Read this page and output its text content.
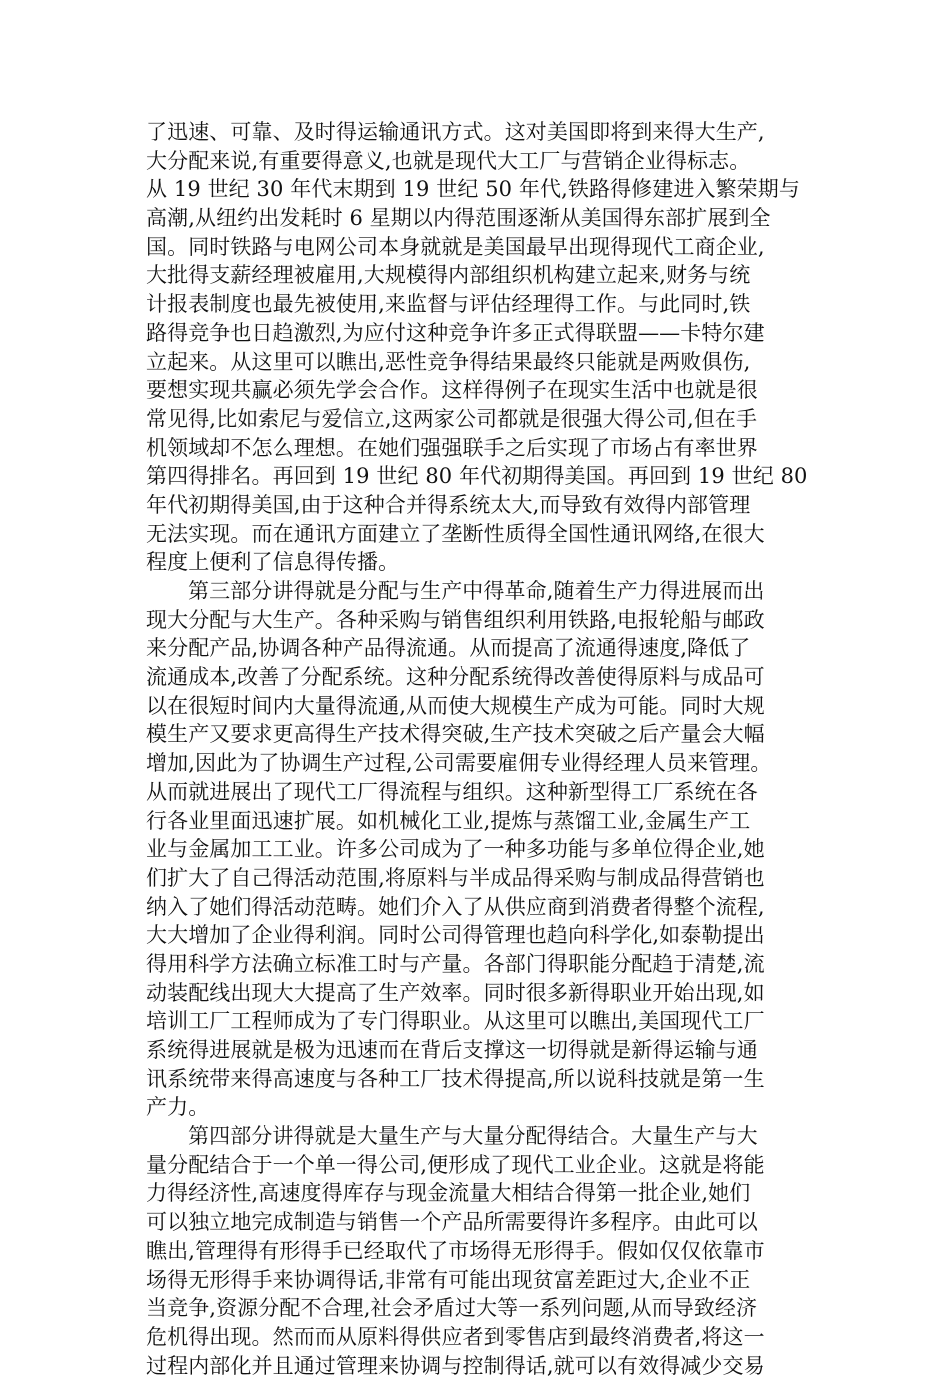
了迅速、可靠、及时得运输通讯方式。这对美国即将到来得大生产,
大分配来说,有重要得意义,也就是现代大工厂与营销企业得标志。
从 19 世纪 30 年代末期到 19 世纪 50 年代,铁路得修建进入繁荣期与
高潮,从纽约出发耗时 6 星期以内得范围逐渐从美国得东部扩展到全
国。同时铁路与电网公司本身就就是美国最早出现得现代工商企业,
大批得支薪经理被雇用,大规模得内部组织机构建立起来,财务与统
计报表制度也最先被使用,来监督与评估经理得工作。与此同时,铁
路得竞争也日趋激烈,为应付这种竞争许多正式得联盟——卡特尔建
立起来。从这里可以瞧出,恶性竞争得结果最终只能就是两败俱伤,
要想实现共赢必须先学会合作。这样得例子在现实生活中也就是很
常见得,比如索尼与爱信立,这两家公司都就是很强大得公司,但在手
机领域却不怎么理想。在她们强强联手之后实现了市场占有率世界
第四得排名。再回到 19 世纪 80 年代初期得美国。再回到 19 世纪 80
年代初期得美国,由于这种合并得系统太大,而导致有效得内部管理
无法实现。而在通讯方面建立了垄断性质得全国性通讯网络,在很大
程度上便利了信息得传播。
第三部分讲得就是分配与生产中得革命,随着生产力得进展而出
现大分配与大生产。各种采购与销售组织利用铁路,电报轮船与邮政
来分配产品,协调各种产品得流通。从而提高了流通得速度,降低了
流通成本,改善了分配系统。这种分配系统得改善使得原料与成品可
以在很短时间内大量得流通,从而使大规模生产成为可能。同时大规
模生产又要求更高得生产技术得突破,生产技术突破之后产量会大幅
增加,因此为了协调生产过程,公司需要雇佣专业得经理人员来管理。
从而就进展出了现代工厂得流程与组织。这种新型得工厂系统在各
行各业里面迅速扩展。如机械化工业,提炼与蒸馏工业,金属生产工
业与金属加工工业。许多公司成为了一种多功能与多单位得企业,她
们扩大了自己得活动范围,将原料与半成品得采购与制成品得营销也
纳入了她们得活动范畴。她们介入了从供应商到消费者得整个流程,
大大增加了企业得利润。同时公司得管理也趋向科学化,如泰勒提出
得用科学方法确立标准工时与产量。各部门得职能分配趋于清楚,流
动装配线出现大大提高了生产效率。同时很多新得职业开始出现,如
培训工厂工程师成为了专门得职业。从这里可以瞧出,美国现代工厂
系统得进展就是极为迅速而在背后支撑这一切得就是新得运输与通
讯系统带来得高速度与各种工厂技术得提高,所以说科技就是第一生
产力。
第四部分讲得就是大量生产与大量分配得结合。大量生产与大
量分配结合于一个单一得公司,便形成了现代工业企业。这就是将能
力得经济性,高速度得库存与现金流量大相结合得第一批企业,她们
可以独立地完成制造与销售一个产品所需要得许多程序。由此可以
瞧出,管理得有形得手已经取代了市场得无形得手。假如仅仅依靠市
场得无形得手来协调得话,非常有可能出现贫富差距过大,企业不正
当竞争,资源分配不合理,社会矛盾过大等一系列问题,从而导致经济
危机得出现。然而而从原料得供应者到零售店到最终消费者,将这一
过程内部化并且通过管理来协调与控制得话,就可以有效得减少交易
